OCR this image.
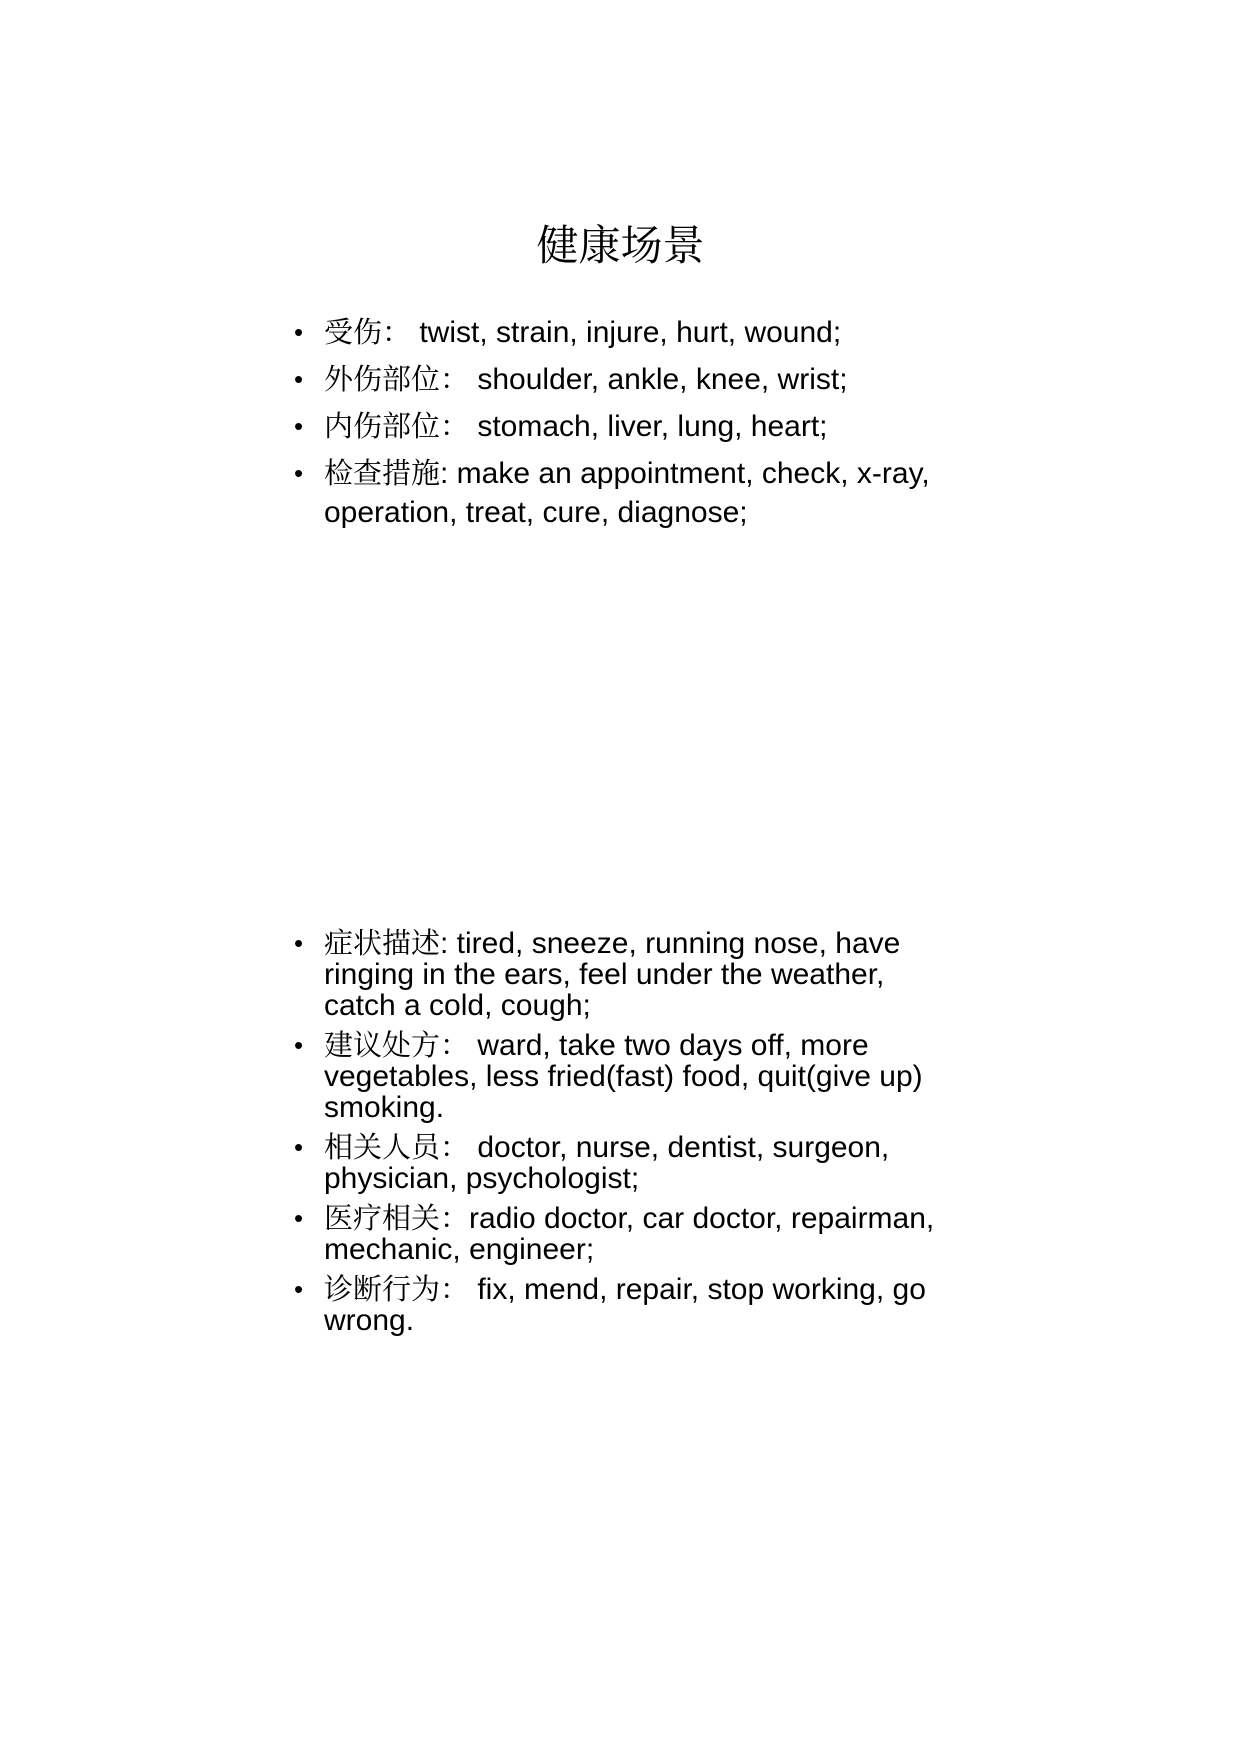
健康场景
• 受伤： twist, strain, injure, hurt, wound;
• 外伤部位： shoulder, ankle, knee, wrist;
• 内伤部位： stomach, liver, lung, heart;
• 检查措施: make an appointment, check, x-ray, operation, treat, cure, diagnose;
• 症状描述: tired, sneeze, running nose, have ringing in the ears, feel under the weather, catch a cold, cough;
• 建议处方： ward, take two days off, more vegetables, less fried(fast) food, quit(give up) smoking.
• 相关人员： doctor, nurse, dentist, surgeon, physician, psychologist;
• 医疗相关：radio doctor, car doctor, repairman, mechanic, engineer;
• 诊断行为： fix, mend, repair, stop working, go wrong.
